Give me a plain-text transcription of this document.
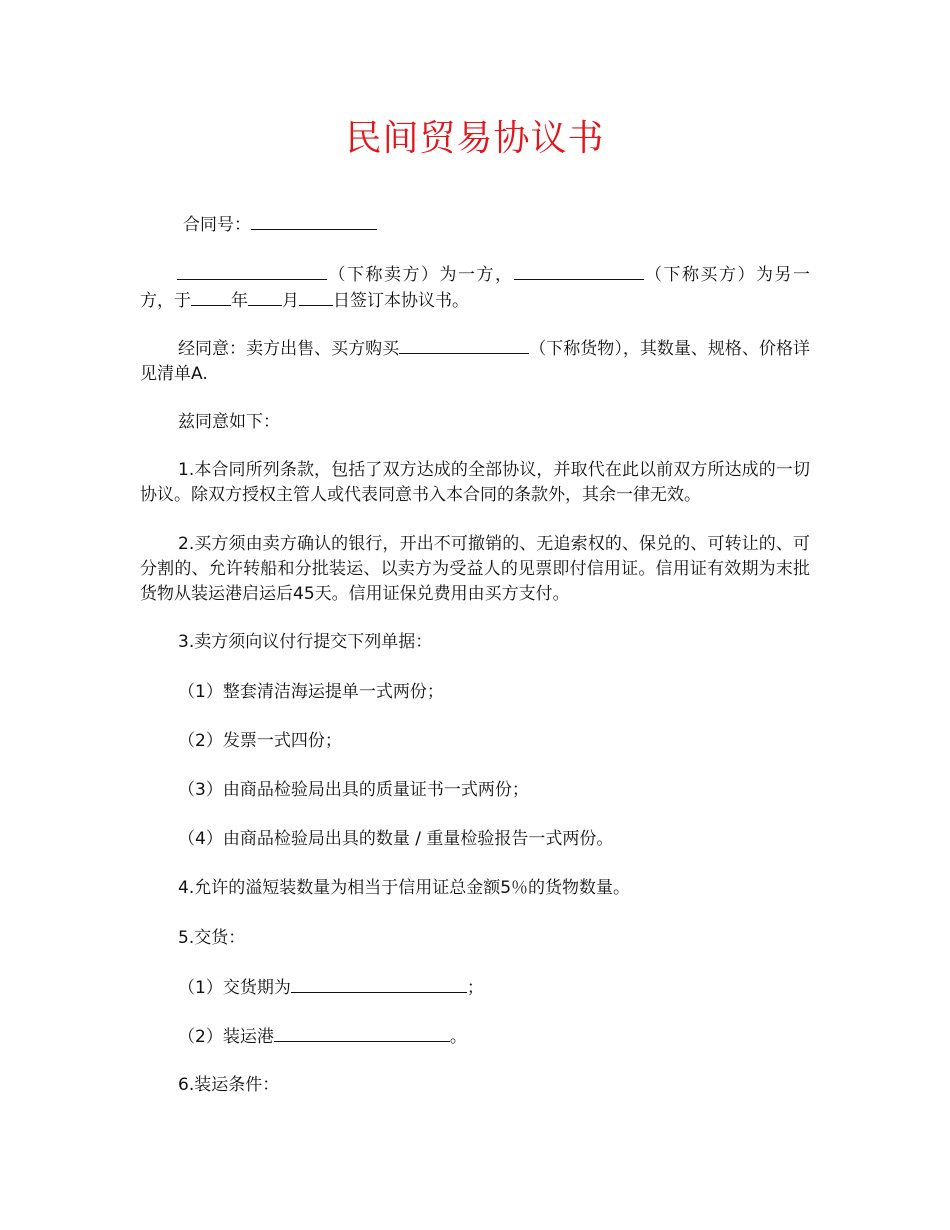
民间贸易协议书

合同号：

（下称卖方）为一方，	（下称买方）为另一方，于 年 月 日签订本协议书。

经同意：卖方出售、买方购买	（下称货物），其数量、规格、价格详见清单A.

兹同意如下：

1.本合同所列条款，包括了双方达成的全部协议，并取代在此以前双方所达成的一切协议。除双方授权主管人或代表同意书入本合同的条款外，其余一律无效。

2.买方须由卖方确认的银行，开出不可撤销的、无追索权的、保兑的、可转让的、可分割的、允许转船和分批装运、以卖方为受益人的见票即付信用证。信用证有效期为末批货物从装运港启运后45天。信用证保兑费用由买方支付。

3.卖方须向议付行提交下列单据：

（1）整套清洁海运提单一式两份；

（2）发票一式四份；

（3）由商品检验局出具的质量证书一式两份；

（4）由商品检验局出具的数量 / 重量检验报告一式两份。

4.允许的溢短装数量为相当于信用证总金额5％的货物数量。

5.交货：

（1）交货期为	；

（2）装运港	。

6.装运条件：
